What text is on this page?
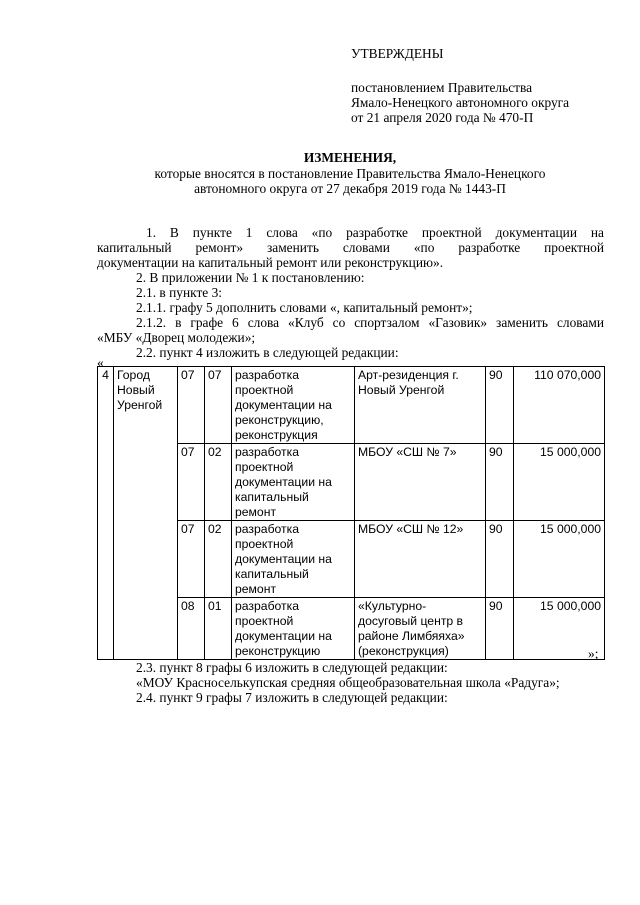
УТВЕРЖДЕНЫ
постановлением Правительства
Ямало-Ненецкого автономного округа
от 21 апреля 2020 года № 470-П
ИЗМЕНЕНИЯ,
которые вносятся в постановление Правительства Ямало-Ненецкого
автономного округа от 27 декабря 2019 года № 1443-П
1. В пункте 1 слова «по разработке проектной документации на
капитальный ремонт» заменить словами «по разработке проектной
документации на капитальный ремонт или реконструкцию».
2. В приложении № 1 к постановлению:
2.1. в пункте 3:
2.1.1. графу 5 дополнить словами «, капитальный ремонт»;
2.1.2. в графе 6 слова «Клуб со спортзалом «Газовик» заменить словами
«МБУ «Дворец молодежи»;
2.2. пункт 4 изложить в следующей редакции:
«
4	Город Новый Уренгой	07	07	разработка проектной документации на реконструкцию, реконструкция	Арт-резиденция г. Новый Уренгой	90	110 070,000
		07	02	разработка проектной документации на капитальный ремонт	МБОУ «СШ № 7»	90	15 000,000
		07	02	разработка проектной документации на капитальный ремонт	МБОУ «СШ № 12»	90	15 000,000
		08	01	разработка проектной документации на реконструкцию	«Культурно-досуговый центр в районе Лимбяяха» (реконструкция)	90	15 000,000
»;
2.3. пункт 8 графы 6 изложить в следующей редакции:
«МОУ Красноселькупская средняя общеобразовательная школа «Радуга»;
2.4. пункт 9 графы 7 изложить в следующей редакции:
